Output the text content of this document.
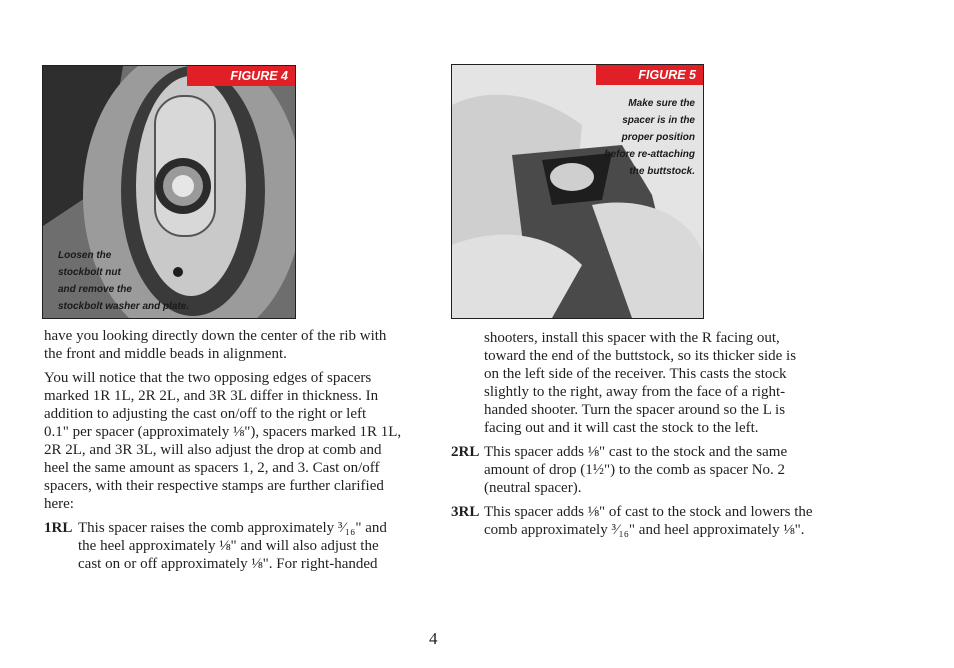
FIGURE 4
Loosen the
stockbolt nut
and remove the
stockbolt washer and plate.
FIGURE 5
Make sure the
spacer is in the
proper position
before re-attaching
the buttstock.

have you looking directly down the center of the rib with
the front and middle beads in alignment.

You will notice that the two opposing edges of spacers
marked 1R 1L, 2R 2L, and 3R 3L differ in thickness. In
addition to adjusting the cast on/off to the right or left
0.1" per spacer (approximately ⅛"), spacers marked 1R 1L,
2R 2L, and 3R 3L, will also adjust the drop at comb and
heel the same amount as spacers 1, 2, and 3. Cast on/off
spacers, with their respective stamps are further clarified
here:

1RL This spacer raises the comb approximately ³⁄₁₆" and
the heel approximately ⅛" and will also adjust the
cast on or off approximately ⅛". For right-handed
shooters, install this spacer with the R facing out,
toward the end of the buttstock, so its thicker side is
on the left side of the receiver. This casts the stock
slightly to the right, away from the face of a right-
handed shooter. Turn the spacer around so the L is
facing out and it will cast the stock to the left.
2RL This spacer adds ⅛" cast to the stock and the same
amount of drop (1½") to the comb as spacer No. 2
(neutral spacer).
3RL This spacer adds ⅛" of cast to the stock and lowers the
comb approximately ³⁄₁₆" and heel approximately ⅛".
4
